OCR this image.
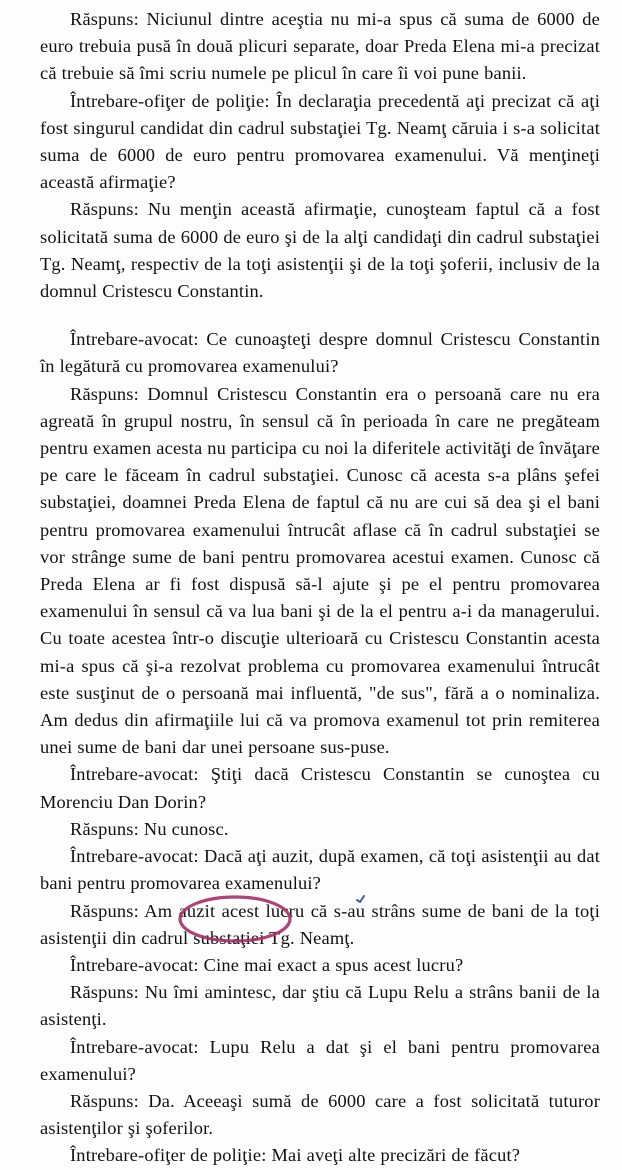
Răspuns: Niciunul dintre aceştia nu mi-a spus că suma de 6000 de euro trebuia pusă în două plicuri separate, doar Preda Elena mi-a precizat că trebuie să îmi scriu numele pe plicul în care îi voi pune banii.

Întrebare-ofiţer de poliţie: În declaraţia precedentă aţi precizat că aţi fost singurul candidat din cadrul substaţiei Tg. Neamţ căruia i s-a solicitat suma de 6000 de euro pentru promovarea examenului. Vă menţineţi această afirmaţie?

Răspuns: Nu menţin această afirmaţie, cunoşteam faptul că a fost solicitată suma de 6000 de euro şi de la alţi candidaţi din cadrul substaţiei Tg. Neamţ, respectiv de la toţi asistenţii şi de la toţi şoferii, inclusiv de la domnul Cristescu Constantin.

Întrebare-avocat: Ce cunoaşteţi despre domnul Cristescu Constantin în legătură cu promovarea examenului?

Răspuns: Domnul Cristescu Constantin era o persoană care nu era agreată în grupul nostru, în sensul că în perioada în care ne pregăteam pentru examen acesta nu participa cu noi la diferitele activităţi de învăţare pe care le făceam în cadrul substaţiei. Cunosc că acesta s-a plâns şefei substaţiei, doamnei Preda Elena de faptul că nu are cui să dea şi el bani pentru promovarea examenului întrucât aflase că în cadrul substaţiei se vor strânge sume de bani pentru promovarea acestui examen. Cunosc că Preda Elena ar fi fost dispusă să-l ajute şi pe el pentru promovarea examenului în sensul că va lua bani şi de la el pentru a-i da managerului. Cu toate acestea într-o discuţie ulterioară cu Cristescu Constantin acesta mi-a spus că şi-a rezolvat problema cu promovarea examenului întrucât este susţinut de o persoană mai influentă, "de sus", fără a o nominaliza. Am dedus din afirmaţiile lui că va promova examenul tot prin remiterea unei sume de bani dar unei persoane sus-puse.

Întrebare-avocat: Ştiţi dacă Cristescu Constantin se cunoştea cu Morenciu Dan Dorin?

Răspuns: Nu cunosc.

Întrebare-avocat: Dacă aţi auzit, după examen, că toţi asistenţii au dat bani pentru promovarea examenului?

Răspuns: Am auzit acest lucru că s-au strâns sume de bani de la toţi asistenţii din cadrul substaţiei Tg. Neamţ.

Întrebare-avocat: Cine mai exact a spus acest lucru?

Răspuns: Nu îmi amintesc, dar ştiu că Lupu Relu a strâns banii de la asistenţi.

Întrebare-avocat: Lupu Relu a dat şi el bani pentru promovarea examenului?

Răspuns: Da. Aceeaşi sumă de 6000 care a fost solicitată tuturor asistenţilor şi şoferilor.

Întrebare-ofiţer de poliţie: Mai aveţi alte precizări de făcut?
